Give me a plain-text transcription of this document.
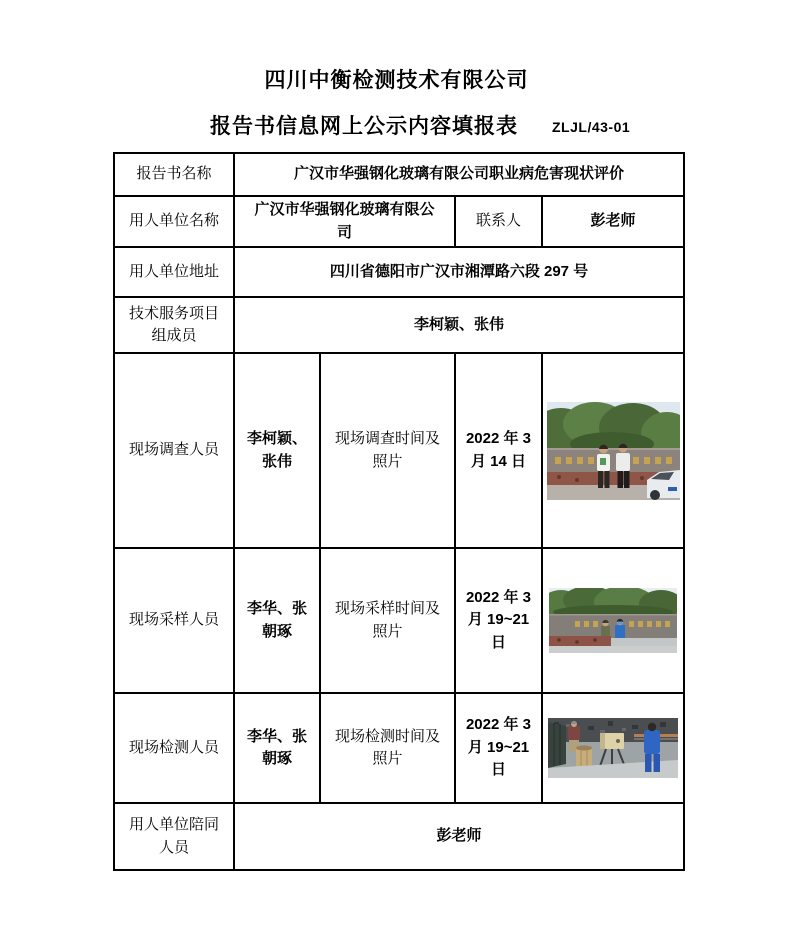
四川中衡检测技术有限公司
报告书信息网上公示内容填报表 ZLJL/43-01
报告书名称	广汉市华强钢化玻璃有限公司职业病危害现状评价			
用人单位名称	广汉市华强钢化玻璃有限公司		联系人	彭老师
用人单位地址	四川省德阳市广汉市湘潭路六段 297 号			
技术服务项目组成员	李柯颖、张伟			
现场调查人员	李柯颖、张伟	现场调查时间及照片	2022 年 3 月 14 日	

现场采样人员	李华、张朝琢	现场采样时间及照片	2022 年 3 月 19~21 日	

现场检测人员	李华、张朝琢	现场检测时间及照片	2022 年 3 月 19~21 日	

用人单位陪同人员	彭老师			
